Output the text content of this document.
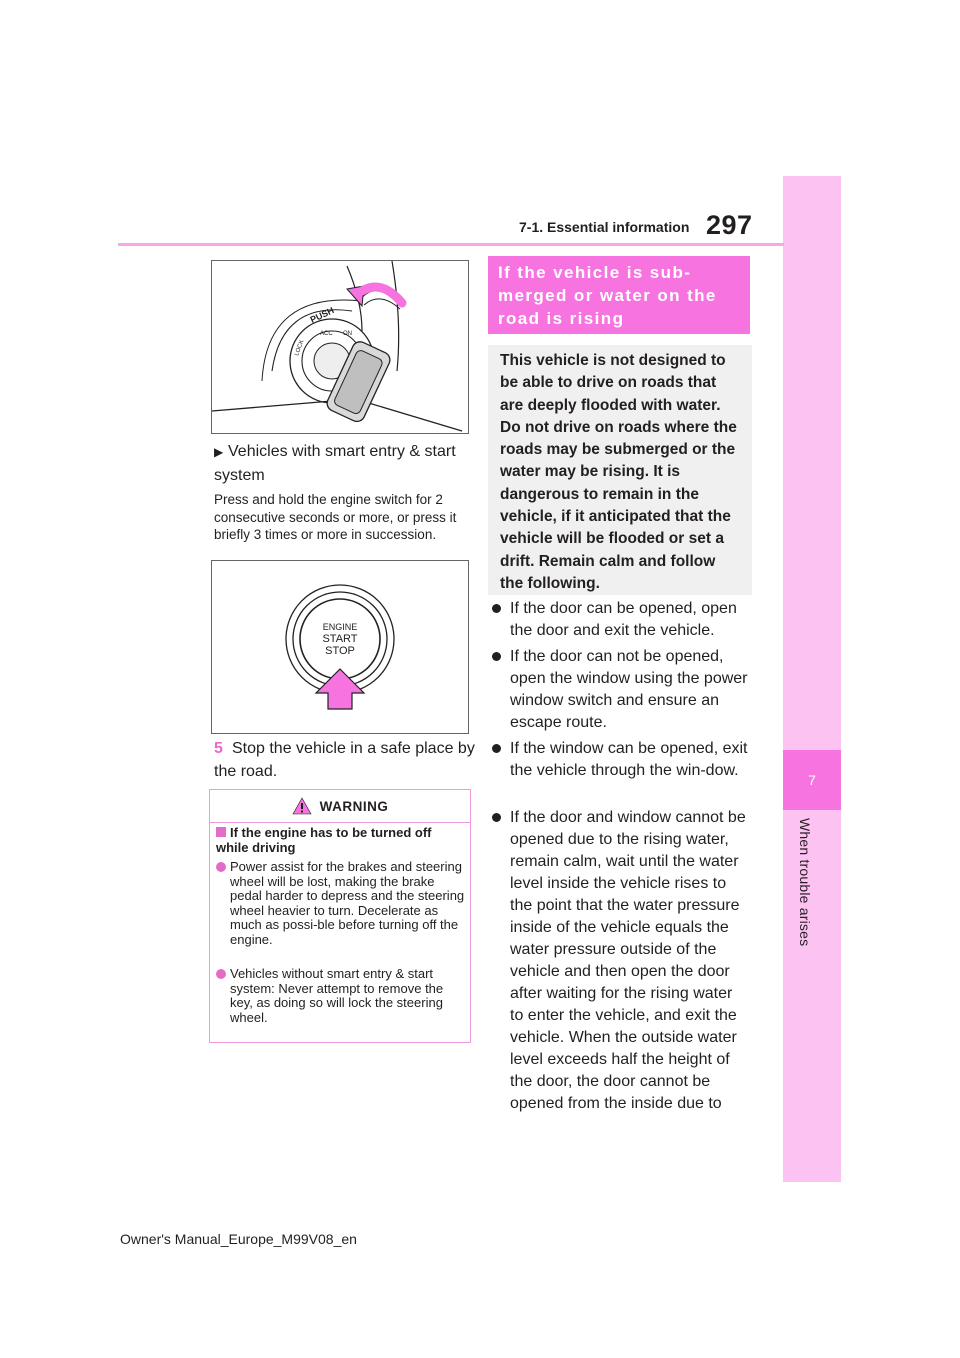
7
When trouble arises
7-1. Essential information 297
PUSH
LOCK
ACC ON
▶ Vehicles with smart entry & start system
Press and hold the engine switch for 2 consecutive seconds or more, or press it briefly 3 times or more in succession.
ENGINE
START
STOP
5 Stop the vehicle in a safe place by the road.
WARNING
If the engine has to be turned off while driving
Power assist for the brakes and steering wheel will be lost, making the brake pedal harder to depress and the steering wheel heavier to turn. Decelerate as much as possi-ble before turning off the engine.
Vehicles without smart entry & start system: Never attempt to remove the key, as doing so will lock the steering wheel.
If the vehicle is sub-merged or water on the road is rising
This vehicle is not designed to be able to drive on roads that are deeply flooded with water. Do not drive on roads where the roads may be submerged or the water may be rising. It is dangerous to remain in the vehicle, if it anticipated that the vehicle will be flooded or set a drift. Remain calm and follow the following.
If the door can be opened, open the door and exit the vehicle.
If the door can not be opened, open the window using the power window switch and ensure an escape route.
If the window can be opened, exit the vehicle through the win-dow.
If the door and window cannot be opened due to the rising water, remain calm, wait until the water level inside the vehicle rises to the point that the water pressure inside of the vehicle equals the water pressure outside of the vehicle and then open the door after waiting for the rising water to enter the vehicle, and exit the vehicle. When the outside water level exceeds half the height of the door, the door cannot be opened from the inside due to
Owner's Manual_Europe_M99V08_en
